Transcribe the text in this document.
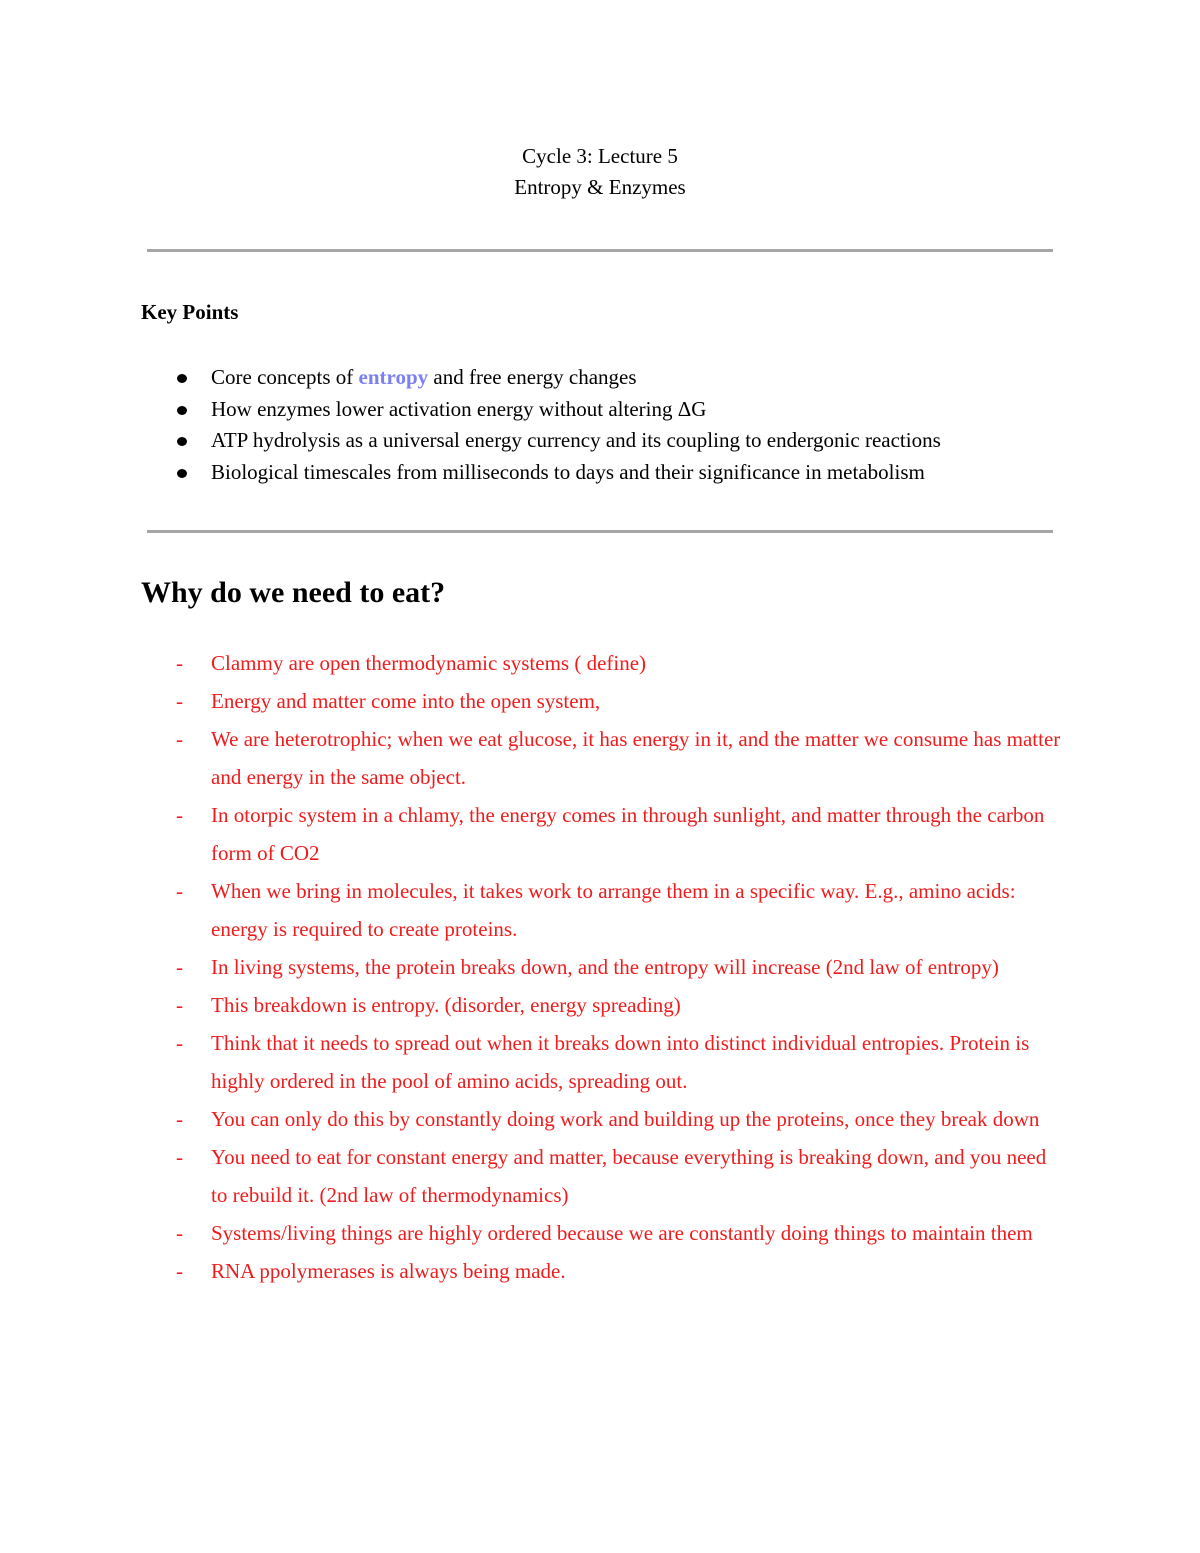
Cycle 3: Lecture 5
Entropy & Enzymes
Key Points
Core concepts of entropy and free energy changes
How enzymes lower activation energy without altering ΔG
ATP hydrolysis as a universal energy currency and its coupling to endergonic reactions
Biological timescales from milliseconds to days and their significance in metabolism
Why do we need to eat?
- Clammy are open thermodynamic systems ( define)
- Energy and matter come into the open system,
- We are heterotrophic; when we eat glucose, it has energy in it, and the matter we consume has matter and energy in the same object.
- In otorpic system in a chlamy, the energy comes in through sunlight, and matter through the carbon form of CO2
- When we bring in molecules, it takes work to arrange them in a specific way. E.g., amino acids: energy is required to create proteins.
- In living systems, the protein breaks down, and the entropy will increase (2nd law of entropy)
- This breakdown is entropy. (disorder, energy spreading)
- Think that it needs to spread out when it breaks down into distinct individual entropies. Protein is highly ordered in the pool of amino acids, spreading out.
- You can only do this by constantly doing work and building up the proteins, once they break down
- You need to eat for constant energy and matter, because everything is breaking down, and you need to rebuild it. (2nd law of thermodynamics)
- Systems/living things are highly ordered because we are constantly doing things to maintain them
- RNA ppolymerases is always being made.
